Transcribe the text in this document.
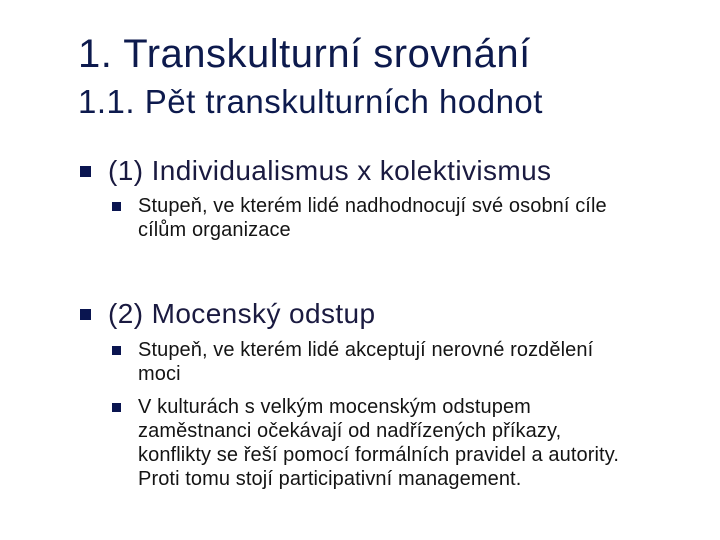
1. Transkulturní srovnání
1.1. Pět transkulturních hodnot
(1) Individualismus x kolektivismus
Stupeň, ve kterém lidé nadhodnocují své osobní cíle
cílům organizace
(2) Mocenský odstup
Stupeň, ve kterém lidé akceptují nerovné rozdělení
moci
V kulturách s velkým mocenským odstupem
zaměstnanci očekávají od nadřízených příkazy,
konflikty se řeší pomocí formálních pravidel a autority.
Proti tomu stojí participativní management.
